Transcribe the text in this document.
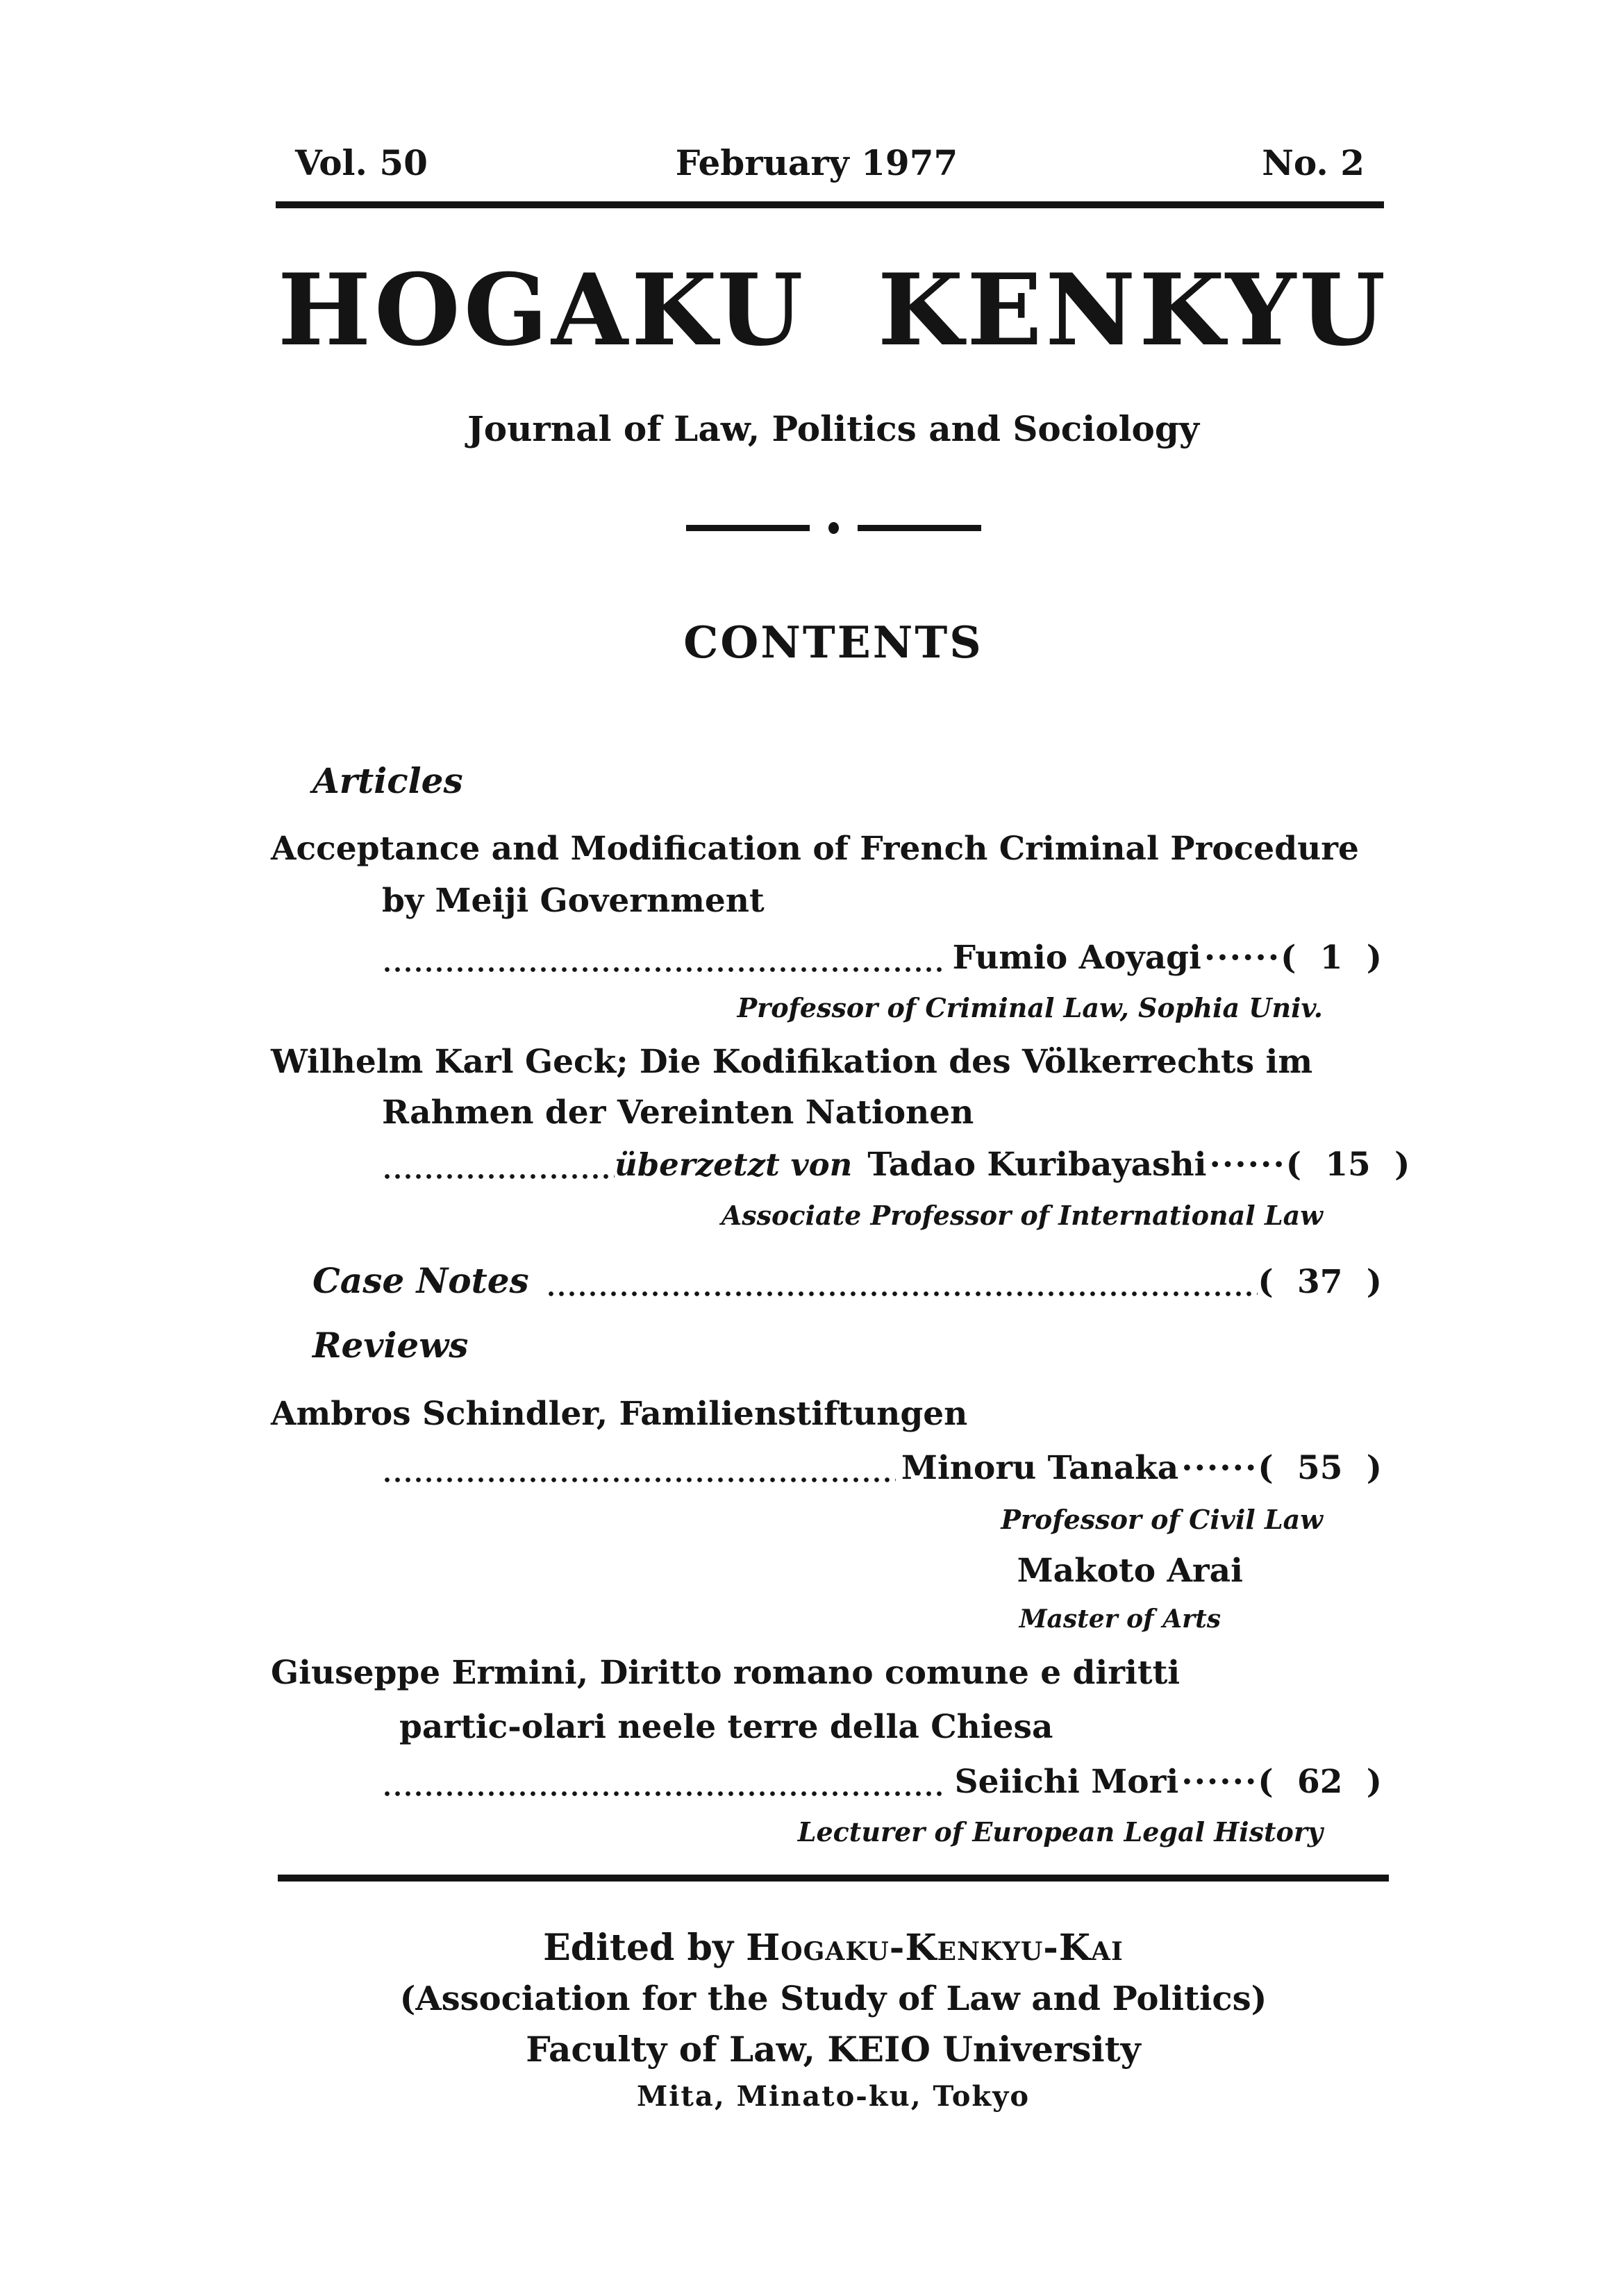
Vol. 50	February 1977	No. 2
HOGAKU KENKYU
Journal of Law, Politics and Sociology
CONTENTS
Articles
Acceptance and Modification of French Criminal Procedure
by Meiji Government
Fumio Aoyagi ······ ( 1 )
Professor of Criminal Law, Sophia Univ.
Wilhelm Karl Geck; Die Kodifikation des Völkerrechts im
Rahmen der Vereinten Nationen
überzetzt von Tadao Kuribayashi ······ ( 15 )
Associate Professor of International Law
Case Notes	( 37 )
Reviews
Ambros Schindler, Familienstiftungen
Minoru Tanaka ······ ( 55 )
Professor of Civil Law
Makoto Arai
Master of Arts
Giuseppe Ermini, Diritto romano comune e diritti
partic-olari neele terre della Chiesa
Seiichi Mori ······ ( 62 )
Lecturer of European Legal History
Edited by Hogaku-Kenkyu-Kai
(Association for the Study of Law and Politics)
Faculty of Law, KEIO University
Mita, Minato-ku, Tokyo
